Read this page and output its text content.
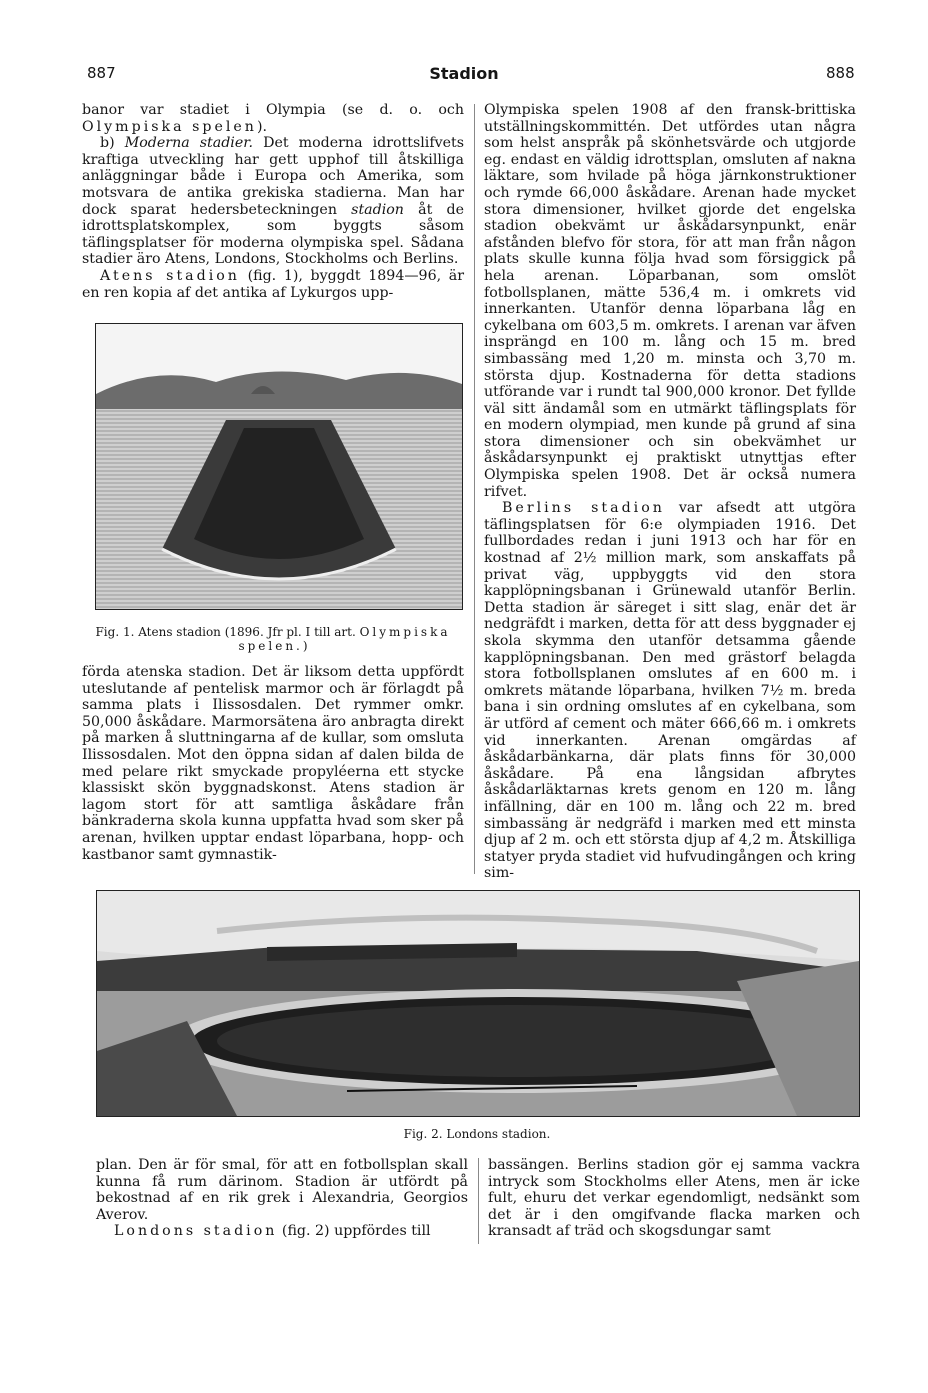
887	Stadion	888

banor var stadiet i Olympia (se d. o. och Olympiska spelen).

b) Moderna stadier. Det moderna idrottslifvets kraftiga utveckling har gett upphof till åtskilliga anläggningar både i Europa och Amerika, som motsvara de antika grekiska stadierna. Man har dock sparat hedersbeteckningen stadion åt de idrottsplatskomplex, som byggts såsom täflingsplatser för moderna olympiska spel. Sådana stadier äro Atens, Londons, Stockholms och Berlins.

Atens stadion (fig. 1), byggdt 1894—96, är en ren kopia af det antika af Lykurgos upp-

Fig. 1. Atens stadion (1896. Jfr pl. I till art. Olympiska spelen.)

förda atenska stadion. Det är liksom detta uppfördt uteslutande af pentelisk marmor och är förlagdt på samma plats i Ilissosdalen. Det rymmer omkr. 50,000 åskådare. Marmorsätena äro anbragta direkt på marken å sluttningarna af de kullar, som omsluta Ilissosdalen. Mot den öppna sidan af dalen bilda de med pelare rikt smyckade propyléerna ett stycke klassiskt skön byggnadskonst. Atens stadion är lagom stort för att samtliga åskådare från bänkraderna skola kunna uppfatta hvad som sker på arenan, hvilken upptar endast löparbana, hopp- och kastbanor samt gymnastik-

Olympiska spelen 1908 af den fransk-brittiska utställningskommittén. Det utfördes utan några som helst anspråk på skönhetsvärde och utgjorde eg. endast en väldig idrottsplan, omsluten af nakna läktare, som hvilade på höga järnkonstruktioner och rymde 66,000 åskådare. Arenan hade mycket stora dimensioner, hvilket gjorde det engelska stadion obekvämt ur åskådarsynpunkt, enär afstånden blefvo för stora, för att man från någon plats skulle kunna följa hvad som försiggick på hela arenan. Löparbanan, som omslöt fotbollsplanen, mätte 536,4 m. i omkrets vid innerkanten. Utanför denna löparbana låg en cykelbana om 603,5 m. omkrets. I arenan var äfven insprängd en 100 m. lång och 15 m. bred simbassäng med 1,20 m. minsta och 3,70 m. största djup. Kostnaderna för detta stadions utförande var i rundt tal 900,000 kronor. Det fyllde väl sitt ändamål som en utmärkt täflingsplats för en modern olympiad, men kunde på grund af sina stora dimensioner och sin obekvämhet ur åskådarsynpunkt ej praktiskt utnyttjas efter Olympiska spelen 1908. Det är också numera rifvet.

Berlins stadion var afsedt att utgöra täflingsplatsen för 6:e olympiaden 1916. Det fullbordades redan i juni 1913 och har för en kostnad af 2½ million mark, som anskaffats på privat väg, uppbyggts vid den stora kapplöpningsbanan i Grünewald utanför Berlin. Detta stadion är säreget i sitt slag, enär det är nedgräfdt i marken, detta för att dess byggnader ej skola skymma den utanför detsamma gående kapplöpningsbanan. Den med grästorf belagda stora fotbollsplanen omslutes af en 600 m. i omkrets mätande löparbana, hvilken 7½ m. breda bana i sin ordning omslutes af en cykelbana, som är utförd af cement och mäter 666,66 m. i omkrets vid innerkanten. Arenan omgärdas af åskådarbänkarna, där plats finns för 30,000 åskådare. På ena långsidan afbrytes åskådarläktarnas krets genom en 120 m. lång infällning, där en 100 m. lång och 22 m. bred simbassäng är nedgräfd i marken med ett minsta djup af 2 m. och ett största djup af 4,2 m. Åtskilliga statyer pryda stadiet vid hufvudingången och kring sim-

Fig. 2. Londons stadion.

plan. Den är för smal, för att en fotbollsplan skall kunna få rum därinom. Stadion är utfördt på bekostnad af en rik grek i Alexandria, Georgios Averov.

Londons stadion (fig. 2) uppfördes till

bassängen. Berlins stadion gör ej samma vackra intryck som Stockholms eller Atens, men är icke fult, ehuru det verkar egendomligt, nedsänkt som det är i den omgifvande flacka marken och kransadt af träd och skogsdungar samt
